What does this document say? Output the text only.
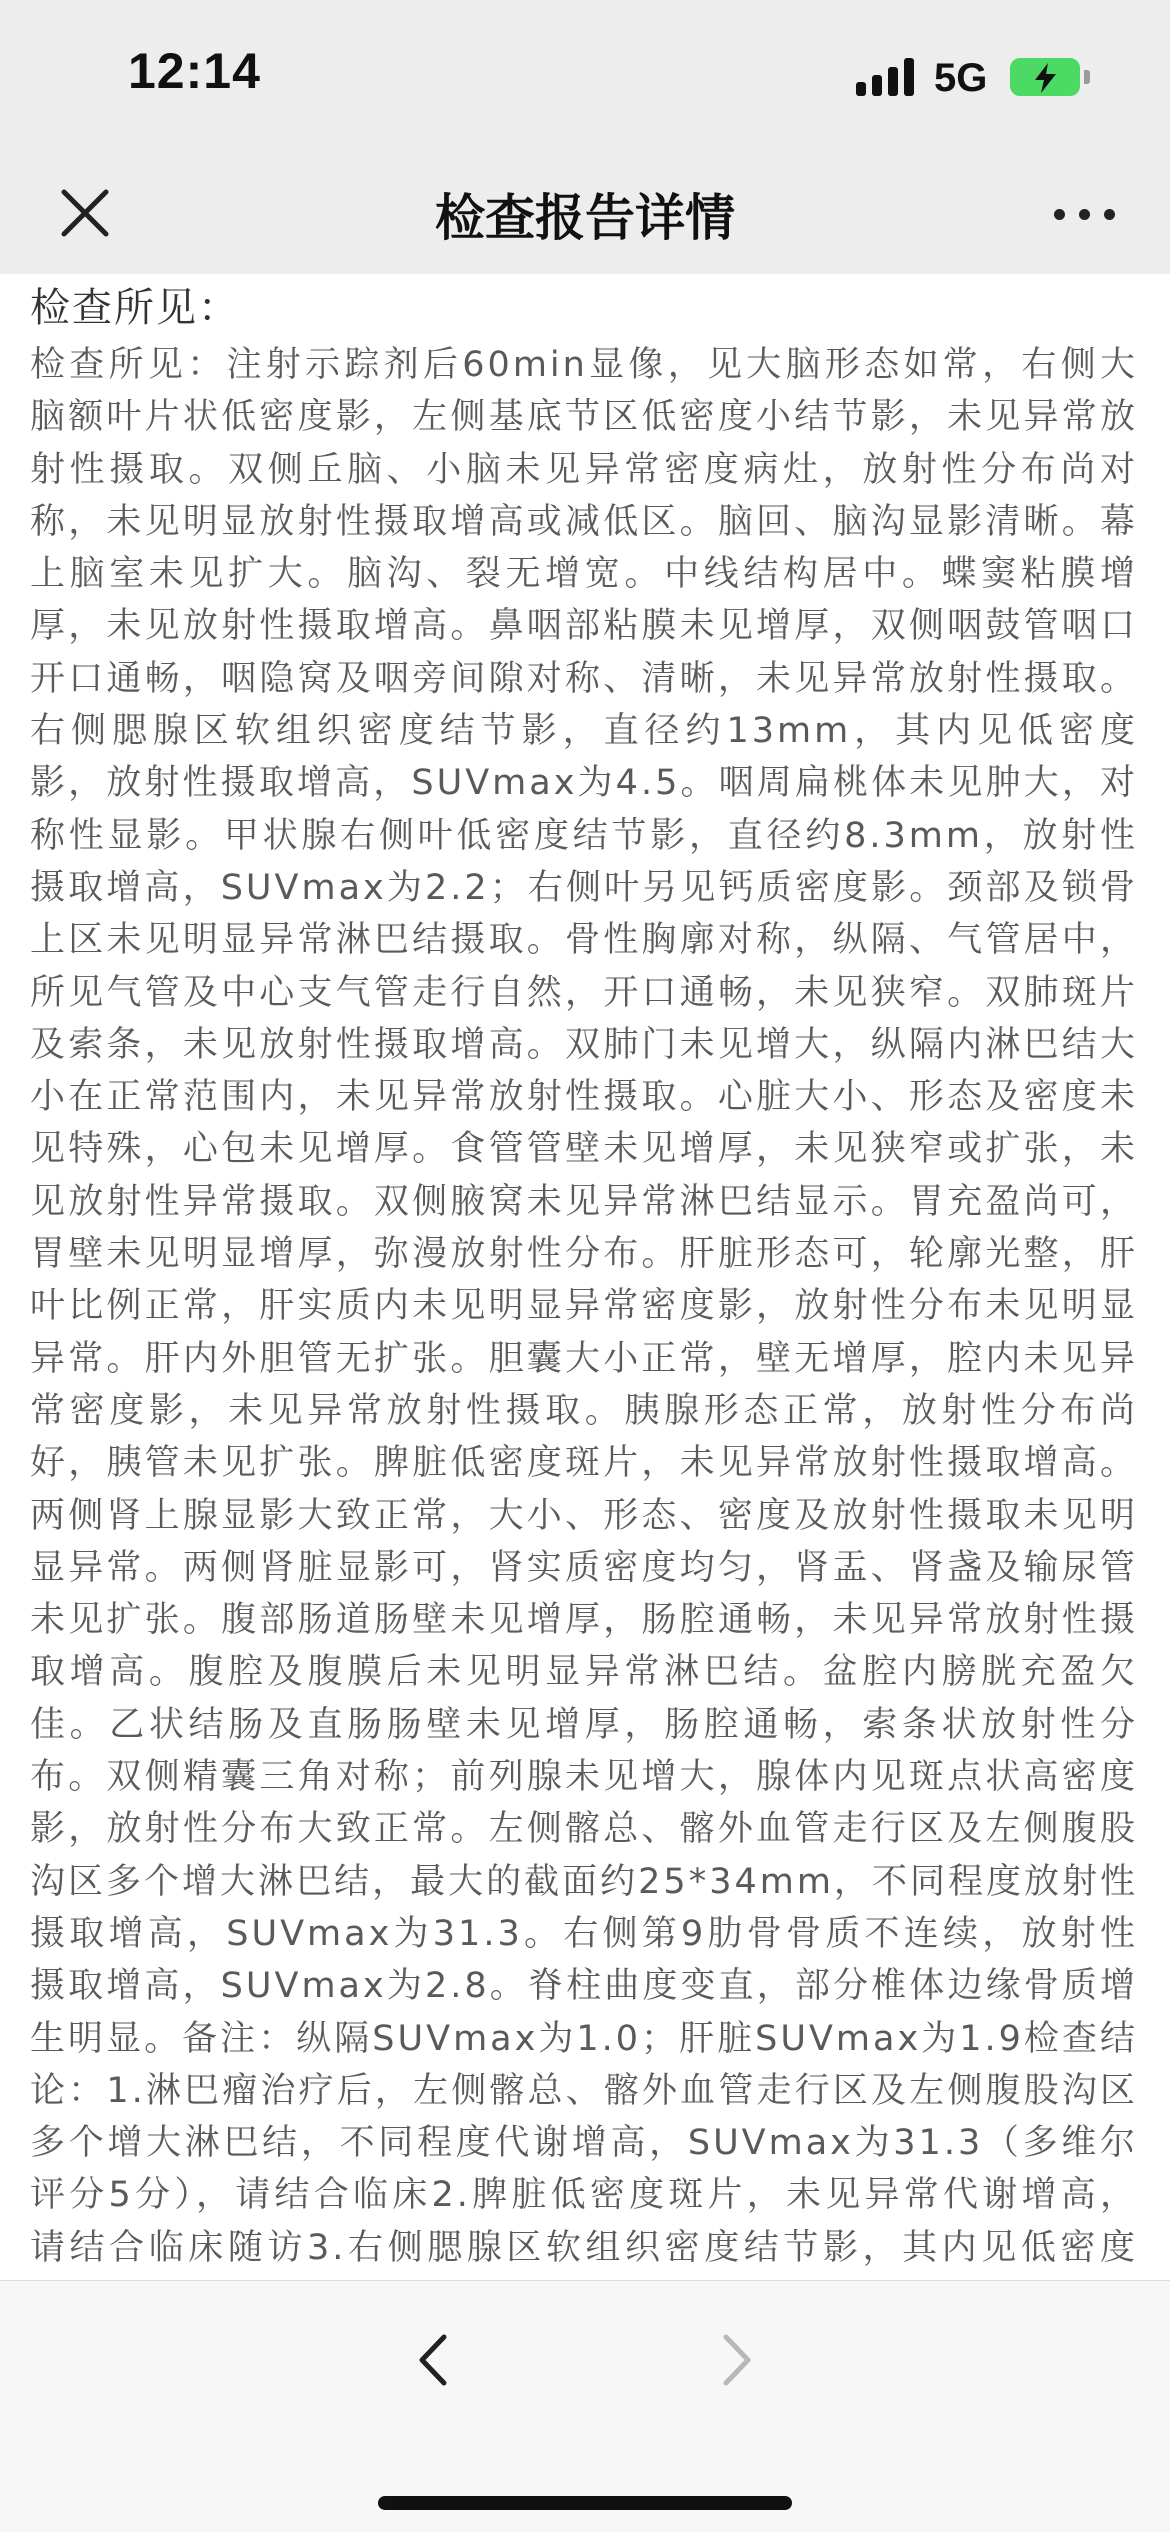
12:14	5G
检查报告详情
检查所见：

检查所见：注射示踪剂后60min显像，见大脑形态如常，右侧大脑额叶片状低密度影，左侧基底节区低密度小结节影，未见异常放射性摄取。双侧丘脑、小脑未见异常密度病灶，放射性分布尚对称，未见明显放射性摄取增高或减低区。脑回、脑沟显影清晰。幕上脑室未见扩大。脑沟、裂无增宽。中线结构居中。蝶窦粘膜增厚，未见放射性摄取增高。鼻咽部粘膜未见增厚，双侧咽鼓管咽口开口通畅，咽隐窝及咽旁间隙对称、清晰，未见异常放射性摄取。右侧腮腺区软组织密度结节影，直径约13mm，其内见低密度影，放射性摄取增高，SUVmax为4.5。咽周扁桃体未见肿大，对称性显影。甲状腺右侧叶低密度结节影，直径约8.3mm，放射性摄取增高，SUVmax为2.2；右侧叶另见钙质密度影。颈部及锁骨上区未见明显异常淋巴结摄取。骨性胸廓对称，纵隔、气管居中，所见气管及中心支气管走行自然，开口通畅，未见狭窄。双肺斑片及索条，未见放射性摄取增高。双肺门未见增大，纵隔内淋巴结大小在正常范围内，未见异常放射性摄取。心脏大小、形态及密度未见特殊，心包未见增厚。食管管壁未见增厚，未见狭窄或扩张，未见放射性异常摄取。双侧腋窝未见异常淋巴结显示。胃充盈尚可，胃壁未见明显增厚，弥漫放射性分布。肝脏形态可，轮廓光整，肝叶比例正常，肝实质内未见明显异常密度影，放射性分布未见明显异常。肝内外胆管无扩张。胆囊大小正常，壁无增厚，腔内未见异常密度影，未见异常放射性摄取。胰腺形态正常，放射性分布尚好，胰管未见扩张。脾脏低密度斑片，未见异常放射性摄取增高。两侧肾上腺显影大致正常，大小、形态、密度及放射性摄取未见明显异常。两侧肾脏显影可，肾实质密度均匀，肾盂、肾盏及输尿管未见扩张。腹部肠道肠壁未见增厚，肠腔通畅，未见异常放射性摄取增高。腹腔及腹膜后未见明显异常淋巴结。盆腔内膀胱充盈欠佳。乙状结肠及直肠肠壁未见增厚，肠腔通畅，索条状放射性分布。双侧精囊三角对称；前列腺未见增大，腺体内见斑点状高密度影，放射性分布大致正常。左侧髂总、髂外血管走行区及左侧腹股沟区多个增大淋巴结，最大的截面约25*34mm，不同程度放射性摄取增高，SUVmax为31.3。右侧第9肋骨骨质不连续，放射性摄取增高，SUVmax为2.8。脊柱曲度变直，部分椎体边缘骨质增生明显。备注：纵隔SUVmax为1.0；肝脏SUVmax为1.9检查结论：1.淋巴瘤治疗后，左侧髂总、髂外血管走行区及左侧腹股沟区多个增大淋巴结，不同程度代谢增高，SUVmax为31.3（多维尔评分5分），请结合临床2.脾脏低密度斑片，未见异常代谢增高，请结合临床随访3.右侧腮腺区软组织密度结节影，其内见低密度
